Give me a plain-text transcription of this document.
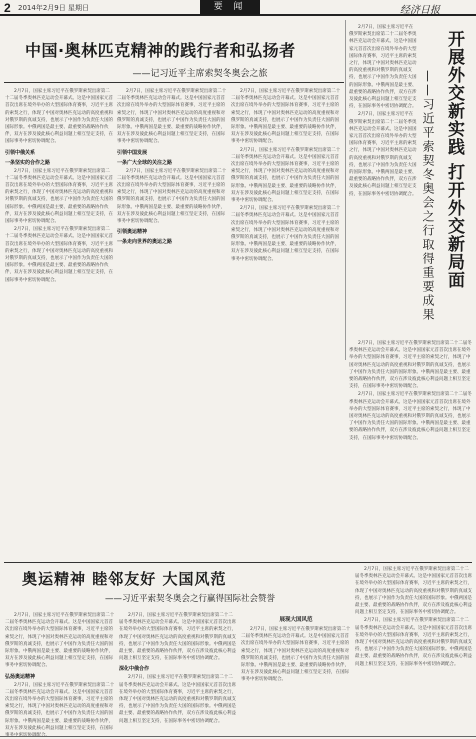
2 2014年2月9日 星期日	要 闻	经济日报
中国·奥林匹克精神的践行者和弘扬者
——记习近平主席索契冬奥会之旅	开展外交新实践 打开外交新局面
——习近平索契冬奥会之行取得重要成果

2月7日，国家主席习近平在俄罗斯索契出席第二十二届冬季奥林匹克运动会开幕式。这是中国国家元首首次出席在境外举办的大型国际体育赛事，习近平主席的索契之行，体现了中国对奥林匹克运动的高度重视和对俄罗斯的真诚支持，也展示了中国作为负责任大国的国际形象。中俄两国是最主要、最重要的战略协作伙伴，双方在涉及彼此核心利益问题上相互坚定支持，在国际事务中密切协调配合。

引领中俄关系

一条坚实的合作之路

2月7日，国家主席习近平在俄罗斯索契出席第二十二届冬季奥林匹克运动会开幕式。这是中国国家元首首次出席在境外举办的大型国际体育赛事，习近平主席的索契之行，体现了中国对奥林匹克运动的高度重视和对俄罗斯的真诚支持，也展示了中国作为负责任大国的国际形象。中俄两国是最主要、最重要的战略协作伙伴，双方在涉及彼此核心利益问题上相互坚定支持，在国际事务中密切协调配合。

2月7日，国家主席习近平在俄罗斯索契出席第二十二届冬季奥林匹克运动会开幕式。这是中国国家元首首次出席在境外举办的大型国际体育赛事，习近平主席的索契之行，体现了中国对奥林匹克运动的高度重视和对俄罗斯的真诚支持，也展示了中国作为负责任大国的国际形象。中俄两国是最主要、最重要的战略协作伙伴，双方在涉及彼此核心利益问题上相互坚定支持，在国际事务中密切协调配合。

2月7日，国家主席习近平在俄罗斯索契出席第二十二届冬季奥林匹克运动会开幕式。这是中国国家元首首次出席在境外举办的大型国际体育赛事，习近平主席的索契之行，体现了中国对奥林匹克运动的高度重视和对俄罗斯的真诚支持，也展示了中国作为负责任大国的国际形象。中俄两国是最主要、最重要的战略协作伙伴，双方在涉及彼此核心利益问题上相互坚定支持，在国际事务中密切协调配合。

引领中国发展

一条广大全球的关注之路

2月7日，国家主席习近平在俄罗斯索契出席第二十二届冬季奥林匹克运动会开幕式。这是中国国家元首首次出席在境外举办的大型国际体育赛事，习近平主席的索契之行，体现了中国对奥林匹克运动的高度重视和对俄罗斯的真诚支持，也展示了中国作为负责任大国的国际形象。中俄两国是最主要、最重要的战略协作伙伴，双方在涉及彼此核心利益问题上相互坚定支持，在国际事务中密切协调配合。

引领奥运精神

一条走向世界的奥运之路

2月7日，国家主席习近平在俄罗斯索契出席第二十二届冬季奥林匹克运动会开幕式。这是中国国家元首首次出席在境外举办的大型国际体育赛事，习近平主席的索契之行，体现了中国对奥林匹克运动的高度重视和对俄罗斯的真诚支持，也展示了中国作为负责任大国的国际形象。中俄两国是最主要、最重要的战略协作伙伴，双方在涉及彼此核心利益问题上相互坚定支持，在国际事务中密切协调配合。

2月7日，国家主席习近平在俄罗斯索契出席第二十二届冬季奥林匹克运动会开幕式。这是中国国家元首首次出席在境外举办的大型国际体育赛事，习近平主席的索契之行，体现了中国对奥林匹克运动的高度重视和对俄罗斯的真诚支持，也展示了中国作为负责任大国的国际形象。中俄两国是最主要、最重要的战略协作伙伴，双方在涉及彼此核心利益问题上相互坚定支持，在国际事务中密切协调配合。

2月7日，国家主席习近平在俄罗斯索契出席第二十二届冬季奥林匹克运动会开幕式。这是中国国家元首首次出席在境外举办的大型国际体育赛事，习近平主席的索契之行，体现了中国对奥林匹克运动的高度重视和对俄罗斯的真诚支持，也展示了中国作为负责任大国的国际形象。中俄两国是最主要、最重要的战略协作伙伴，双方在涉及彼此核心利益问题上相互坚定支持，在国际事务中密切协调配合。

2月7日，国家主席习近平在俄罗斯索契出席第二十二届冬季奥林匹克运动会开幕式。这是中国国家元首首次出席在境外举办的大型国际体育赛事，习近平主席的索契之行，体现了中国对奥林匹克运动的高度重视和对俄罗斯的真诚支持，也展示了中国作为负责任大国的国际形象。中俄两国是最主要、最重要的战略协作伙伴，双方在涉及彼此核心利益问题上相互坚定支持，在国际事务中密切协调配合。

2月7日，国家主席习近平在俄罗斯索契出席第二十二届冬季奥林匹克运动会开幕式。这是中国国家元首首次出席在境外举办的大型国际体育赛事，习近平主席的索契之行，体现了中国对奥林匹克运动的高度重视和对俄罗斯的真诚支持，也展示了中国作为负责任大国的国际形象。中俄两国是最主要、最重要的战略协作伙伴，双方在涉及彼此核心利益问题上相互坚定支持，在国际事务中密切协调配合。

2月7日，国家主席习近平在俄罗斯索契出席第二十二届冬季奥林匹克运动会开幕式。这是中国国家元首首次出席在境外举办的大型国际体育赛事，习近平主席的索契之行，体现了中国对奥林匹克运动的高度重视和对俄罗斯的真诚支持，也展示了中国作为负责任大国的国际形象。中俄两国是最主要、最重要的战略协作伙伴，双方在涉及彼此核心利益问题上相互坚定支持，在国际事务中密切协调配合。

2月7日，国家主席习近平在俄罗斯索契出席第二十二届冬季奥林匹克运动会开幕式。这是中国国家元首首次出席在境外举办的大型国际体育赛事，习近平主席的索契之行，体现了中国对奥林匹克运动的高度重视和对俄罗斯的真诚支持，也展示了中国作为负责任大国的国际形象。中俄两国是最主要、最重要的战略协作伙伴，双方在涉及彼此核心利益问题上相互坚定支持，在国际事务中密切协调配合。

奥运精神 睦邻友好 大国风范
——习近平索契冬奥会之行赢得国际社会赞誉

2月7日，国家主席习近平在俄罗斯索契出席第二十二届冬季奥林匹克运动会开幕式。这是中国国家元首首次出席在境外举办的大型国际体育赛事，习近平主席的索契之行，体现了中国对奥林匹克运动的高度重视和对俄罗斯的真诚支持，也展示了中国作为负责任大国的国际形象。中俄两国是最主要、最重要的战略协作伙伴，双方在涉及彼此核心利益问题上相互坚定支持，在国际事务中密切协调配合。

弘扬奥运精神

2月7日，国家主席习近平在俄罗斯索契出席第二十二届冬季奥林匹克运动会开幕式。这是中国国家元首首次出席在境外举办的大型国际体育赛事，习近平主席的索契之行，体现了中国对奥林匹克运动的高度重视和对俄罗斯的真诚支持，也展示了中国作为负责任大国的国际形象。中俄两国是最主要、最重要的战略协作伙伴，双方在涉及彼此核心利益问题上相互坚定支持，在国际

2月7日，国家主席习近平在俄罗斯索契出席第二十二届冬季奥林匹克运动会开幕式。这是中国国家元首首次出席在境外举办的大型国际体育赛事，习近平主席的索契之行，体现了中国对奥林匹克运动的高度重视和对俄罗斯的真诚支持，也展示了中国作为负责任大国的国际形象。中俄两国是最主要、最重要的战略协作伙伴，双方在涉及彼此核心利益问题上相互坚定支持，在国际事务中密切协调配合。

深化中俄合作

2月7日，国家主席习近平在俄罗斯索契出席第二十二届冬季奥林匹克运动会开幕式。这是中国国家元首首次出席在境外举办的大型国际体育赛事，习近平主席的索契之行，体现了中国对奥林匹克运动的高度重视和对俄罗斯的真诚支持，也展示了中国作为负责任大国的国际形象。中俄两国是最主要、最重要的战略协作伙伴，双方在涉及彼此核心利益问题上相互坚定支持，在国际事务中密切协调配合。

展现大国风范

2月7日，国家主席习近平在俄罗斯索契出席第二十二届冬季奥林匹克运动会开幕式。这是中国国家元首首次出席在境外举办的大型国际体育赛事，习近平主席的索契之行，体现了中国对奥林匹克运动的高度重视和对俄罗斯的真诚支持，也展示了中国作为负责任大国的国际形象。中俄两国是最主要、最重要的战略协作伙伴，双方在涉及彼此核心利益问题上相互坚定支持，在国际事务中密切协调配合。

2月7日，国家主席习近平在俄罗斯索契出席第二十二届冬季奥林匹克运动会开幕式。这是中国国家元首首次出席在境外举办的大型国际体育赛事，习近平主席的索契之行，体现了中国对奥林匹克运动的高度重视和对俄罗斯的真诚支持，也展示了中国作为负责任大国的国际形象。中俄两国是最主要、最重要的战略协作伙伴，双方在涉及彼此核心利益问题上相互坚定支持，在国际事务中密切协调配合。

2月7日，国家主席习近平在俄罗斯索契出席第二十二届冬季奥林匹克运动会开幕式。这是中国国家元首首次出席在境外举办的大型国际体育赛事，习近平主席的索契之行，体现了中国对奥林匹克运动的高度重视和对俄罗斯的真诚支持，也展示了中国作为负责任大国的国际形象。中俄两国是最主要、最重要的战略协作伙伴，双方在涉及彼此核心利益问题上相互坚定支持，在国际事务中密切协调配合。
